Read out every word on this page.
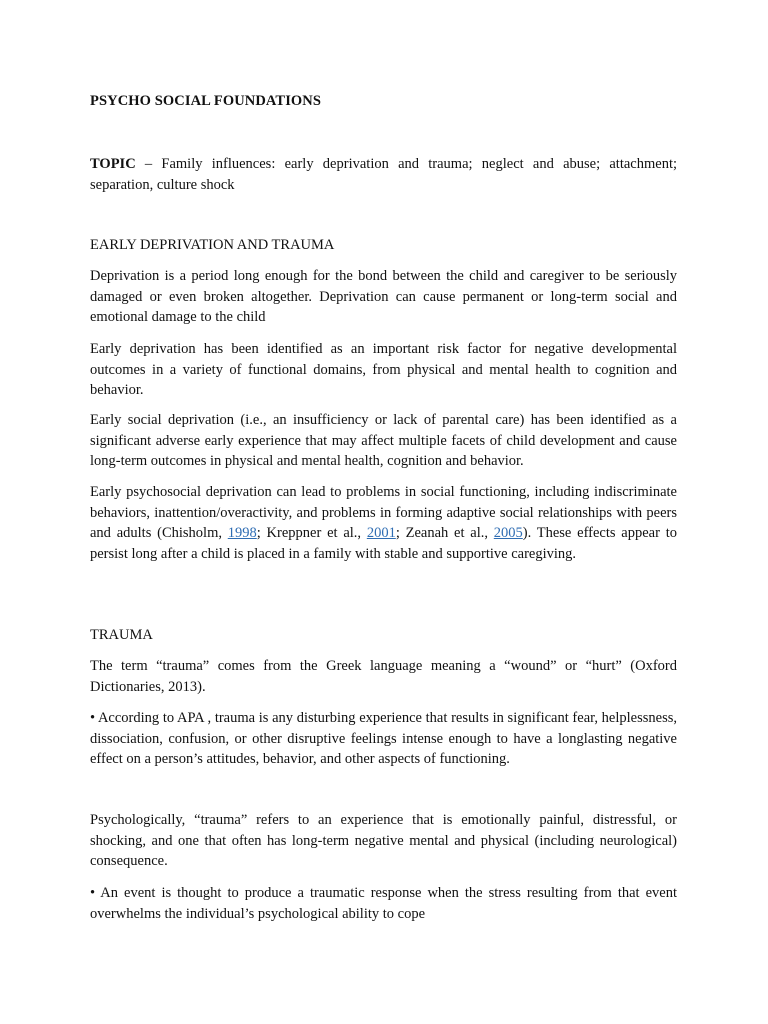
PSYCHO SOCIAL FOUNDATIONS
TOPIC – Family influences: early deprivation and trauma; neglect and abuse; attachment; separation, culture shock
EARLY DEPRIVATION AND TRAUMA
Deprivation is a period long enough for the bond between the child and caregiver to be seriously damaged or even broken altogether. Deprivation can cause permanent or long-term social and emotional damage to the child
Early deprivation has been identified as an important risk factor for negative developmental outcomes in a variety of functional domains, from physical and mental health to cognition and behavior.
Early social deprivation (i.e., an insufficiency or lack of parental care) has been identified as a significant adverse early experience that may affect multiple facets of child development and cause long-term outcomes in physical and mental health, cognition and behavior.
Early psychosocial deprivation can lead to problems in social functioning, including indiscriminate behaviors, inattention/overactivity, and problems in forming adaptive social relationships with peers and adults (Chisholm, 1998; Kreppner et al., 2001; Zeanah et al., 2005). These effects appear to persist long after a child is placed in a family with stable and supportive caregiving.
TRAUMA
The term “trauma” comes from the Greek language meaning a “wound” or “hurt” (Oxford Dictionaries, 2013).
• According to APA , trauma is any disturbing experience that results in significant fear, helplessness, dissociation, confusion, or other disruptive feelings intense enough to have a longlasting negative effect on a person’s attitudes, behavior, and other aspects of functioning.
Psychologically, “trauma” refers to an experience that is emotionally painful, distressful, or shocking, and one that often has long-term negative mental and physical (including neurological) consequence.
• An event is thought to produce a traumatic response when the stress resulting from that event overwhelms the individual’s psychological ability to cope
